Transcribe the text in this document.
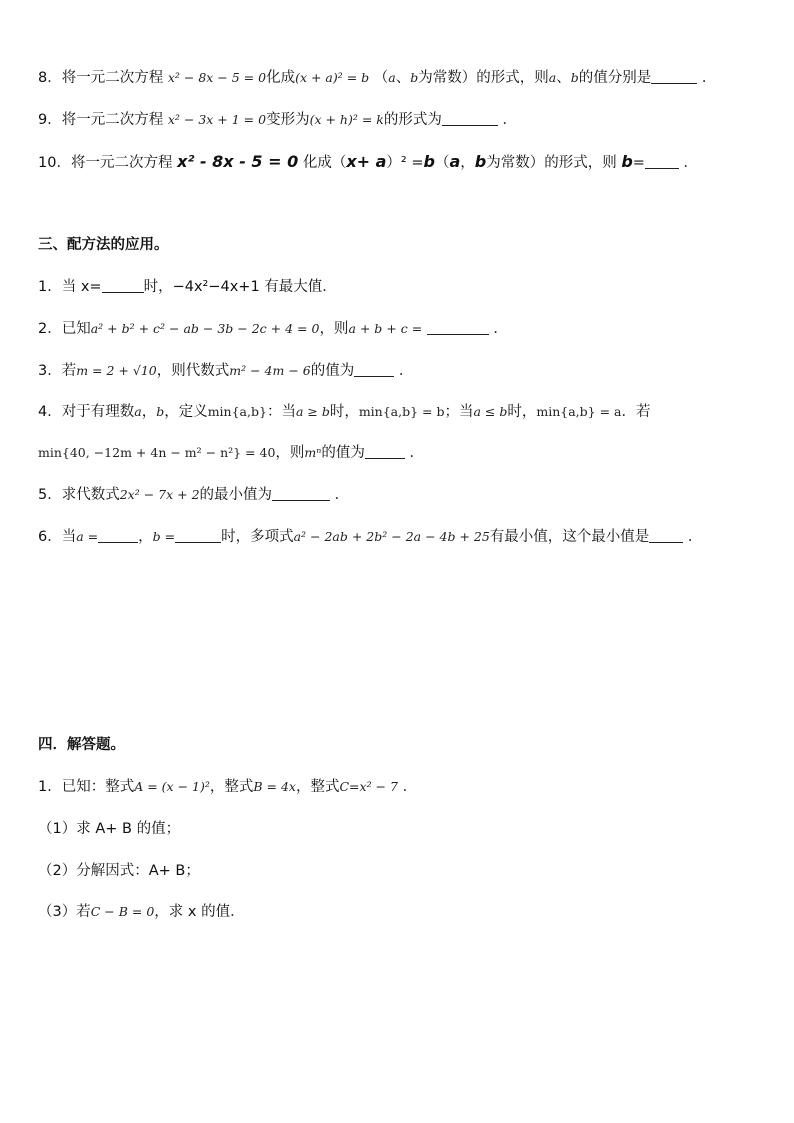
8．将一元二次方程 x² − 8x − 5 = 0化成(x + a)² = b （a、b为常数）的形式，则a、b的值分别是	．
9．将一元二次方程 x² − 3x + 1 = 0变形为(x + h)² = k的形式为	．
10．将一元二次方程 x² - 8x - 5 = 0 化成（x+ a）² =b（a，b为常数）的形式，则 b=	．
三、配方法的应用。
1．当 x=	时，−4x²−4x+1 有最大值．
2．已知a² + b² + c² − ab − 3b − 2c + 4 = 0，则a + b + c =	．
3．若m = 2 + √10，则代数式m² − 4m − 6的值为	．
4．对于有理数a，b，定义min{a,b}：当a ≥ b时，min{a,b} = b；当a ≤ b时，min{a,b} = a．若
min{40, −12m + 4n − m² − n²} = 40，则mⁿ的值为	．
5．求代数式2x² − 7x + 2的最小值为	．
6．当a =	，b =	时，多项式a² − 2ab + 2b² − 2a − 4b + 25有最小值，这个最小值是	．
四．解答题。
1．已知：整式A = (x − 1)²，整式B = 4x，整式C=x² − 7 ．
（1）求 A+ B 的值；
（2）分解因式：A+ B；
（3）若C − B = 0，求 x 的值．
